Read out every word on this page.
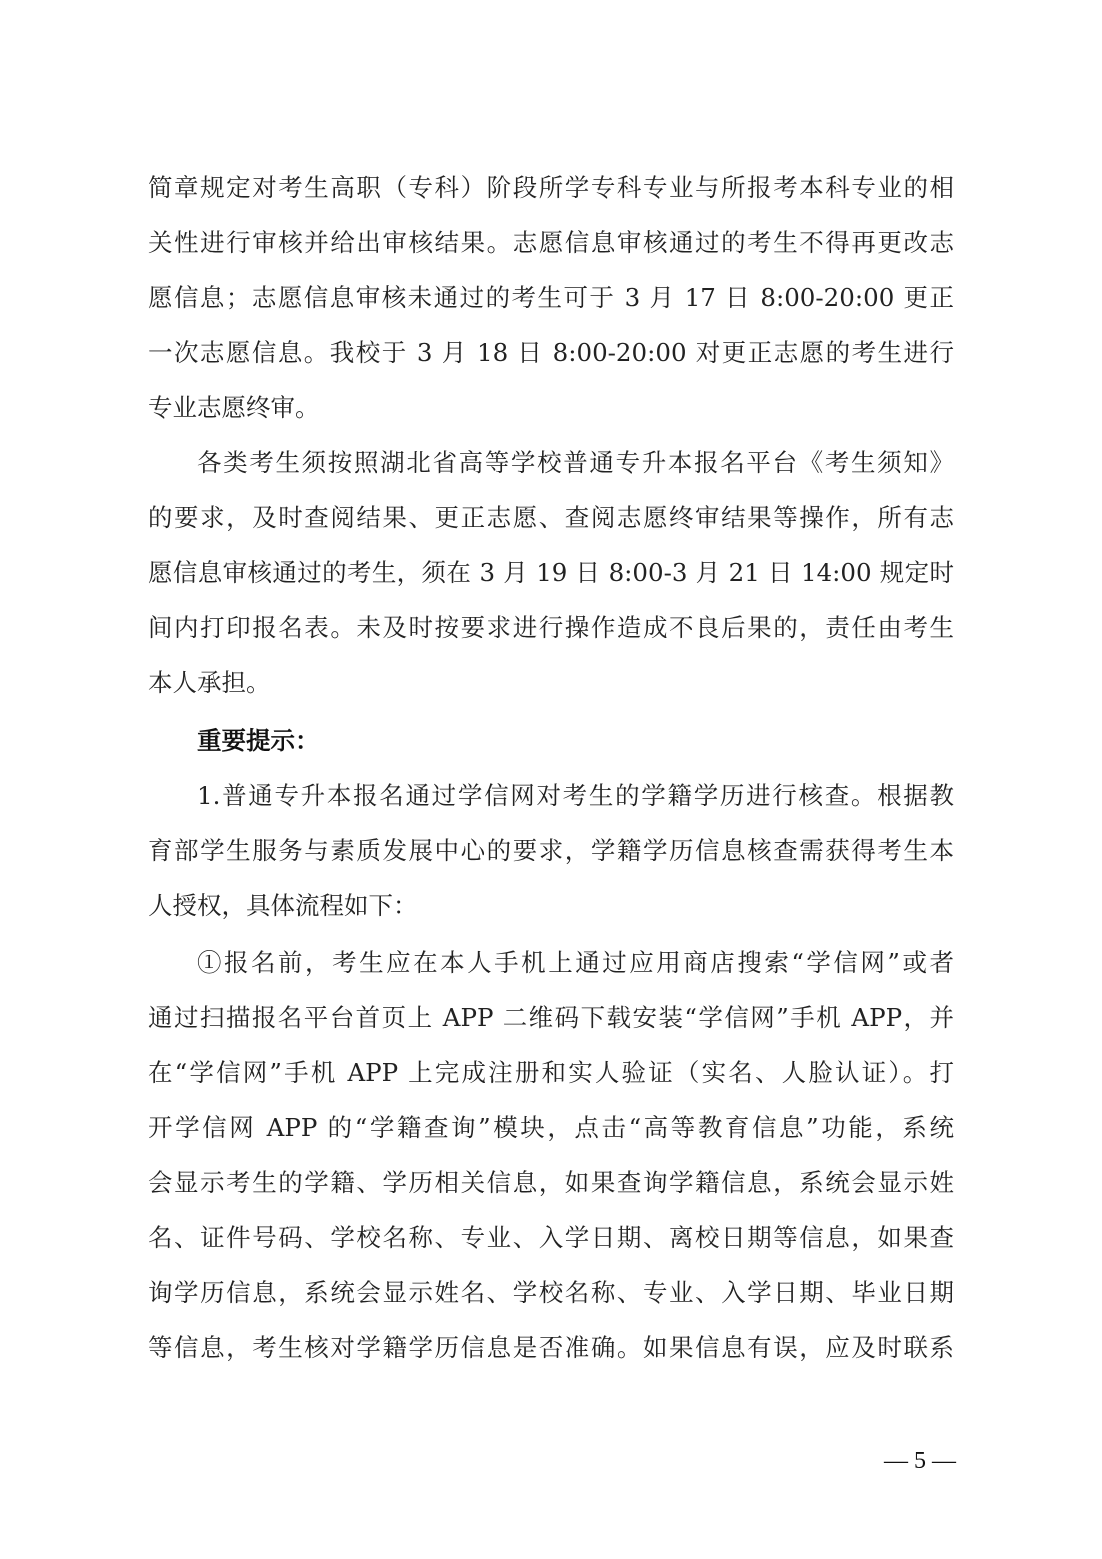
简章规定对考生高职（专科）阶段所学专科专业与所报考本科专业的相
关性进行审核并给出审核结果。志愿信息审核通过的考生不得再更改志
愿信息；志愿信息审核未通过的考生可于 3 月 17 日 8:00-20:00 更正
一次志愿信息。我校于 3 月 18 日 8:00-20:00 对更正志愿的考生进行
专业志愿终审。
各类考生须按照湖北省高等学校普通专升本报名平台《考生须知》
的要求，及时查阅结果、更正志愿、查阅志愿终审结果等操作，所有志
愿信息审核通过的考生，须在 3 月 19 日 8:00-3 月 21 日 14:00 规定时
间内打印报名表。未及时按要求进行操作造成不良后果的，责任由考生
本人承担。
重要提示：
1.普通专升本报名通过学信网对考生的学籍学历进行核查。根据教
育部学生服务与素质发展中心的要求，学籍学历信息核查需获得考生本
人授权，具体流程如下：
①报名前，考生应在本人手机上通过应用商店搜索“学信网”或者
通过扫描报名平台首页上 APP 二维码下载安装“学信网”手机 APP，并
在“学信网”手机 APP 上完成注册和实人验证（实名、人脸认证）。打
开学信网 APP 的“学籍查询”模块，点击“高等教育信息”功能，系统
会显示考生的学籍、学历相关信息，如果查询学籍信息，系统会显示姓
名、证件号码、学校名称、专业、入学日期、离校日期等信息，如果查
询学历信息，系统会显示姓名、学校名称、专业、入学日期、毕业日期
等信息，考生核对学籍学历信息是否准确。如果信息有误，应及时联系
— 5 —
